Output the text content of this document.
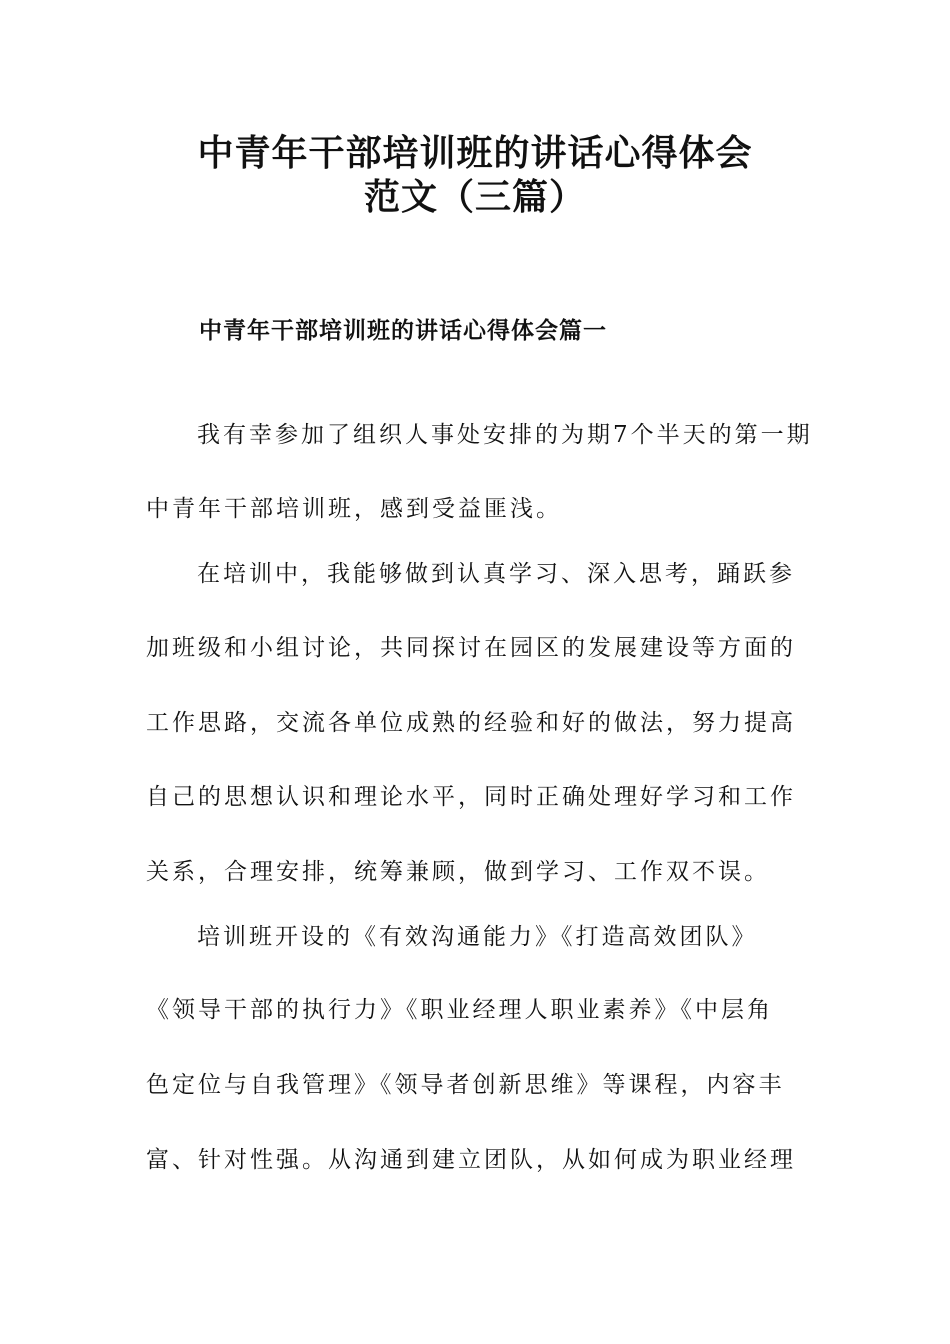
中青年干部培训班的讲话心得体会
范文（三篇）
中青年干部培训班的讲话心得体会篇一
我有幸参加了组织人事处安排的为期7个半天的第一期
中青年干部培训班，感到受益匪浅。
在培训中，我能够做到认真学习、深入思考，踊跃参
加班级和小组讨论，共同探讨在园区的发展建设等方面的
工作思路，交流各单位成熟的经验和好的做法，努力提高
自己的思想认识和理论水平，同时正确处理好学习和工作
关系，合理安排，统筹兼顾，做到学习、工作双不误。
培训班开设的《有效沟通能力》《打造高效团队》
《领导干部的执行力》《职业经理人职业素养》《中层角
色定位与自我管理》《领导者创新思维》等课程，内容丰
富、针对性强。从沟通到建立团队，从如何成为职业经理
